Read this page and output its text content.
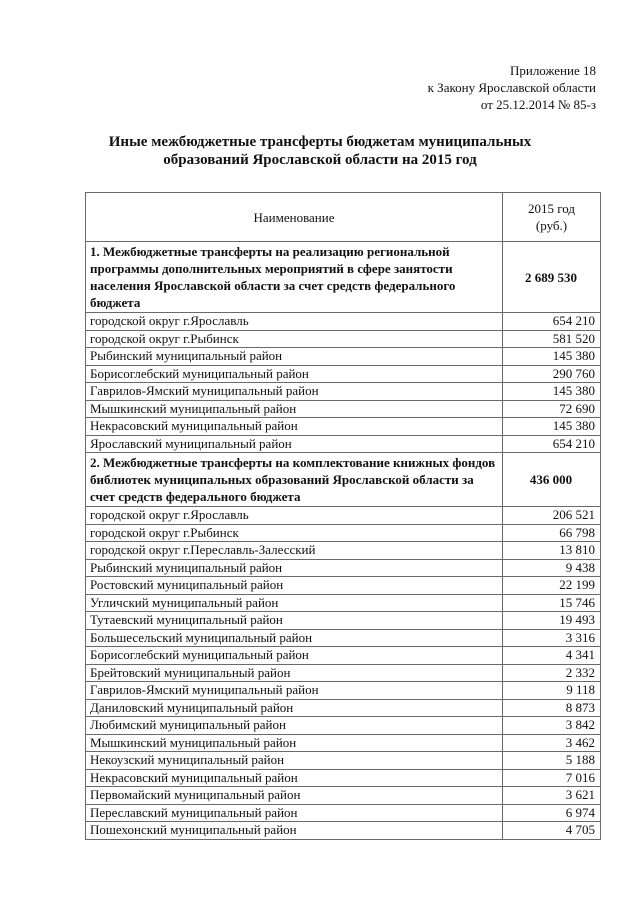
Приложение 18
к Закону Ярославской области
от 25.12.2014 № 85-з
Иные межбюджетные трансферты бюджетам муниципальных
образований Ярославской области на 2015 год
Наименование	2015 год
(руб.)

1. Межбюджетные трансферты на реализацию региональной программы дополнительных мероприятий в сфере занятости населения Ярославской области за счет средств федерального бюджета	2 689 530
городской округ г.Ярославль	654 210
городской округ г.Рыбинск	581 520
Рыбинский муниципальный район	145 380
Борисоглебский муниципальный район	290 760
Гаврилов-Ямский муниципальный район	145 380
Мышкинский муниципальный район	72 690
Некрасовский муниципальный район	145 380
Ярославский муниципальный район	654 210
2. Межбюджетные трансферты на комплектование книжных фондов библиотек муниципальных образований Ярославской области за счет средств федерального бюджета	436 000
городской округ г.Ярославль	206 521
городской округ г.Рыбинск	66 798
городской округ г.Переславль-Залесский	13 810
Рыбинский муниципальный район	9 438
Ростовский муниципальный район	22 199
Угличский муниципальный район	15 746
Тутаевский муниципальный район	19 493
Большесельский муниципальный район	3 316
Борисоглебский муниципальный район	4 341
Брейтовский муниципальный район	2 332
Гаврилов-Ямский муниципальный район	9 118
Даниловский муниципальный район	8 873
Любимский муниципальный район	3 842
Мышкинский муниципальный район	3 462
Некоузский муниципальный район	5 188
Некрасовский муниципальный район	7 016
Первомайский муниципальный район	3 621
Переславский муниципальный район	6 974
Пошехонский муниципальный район	4 705
